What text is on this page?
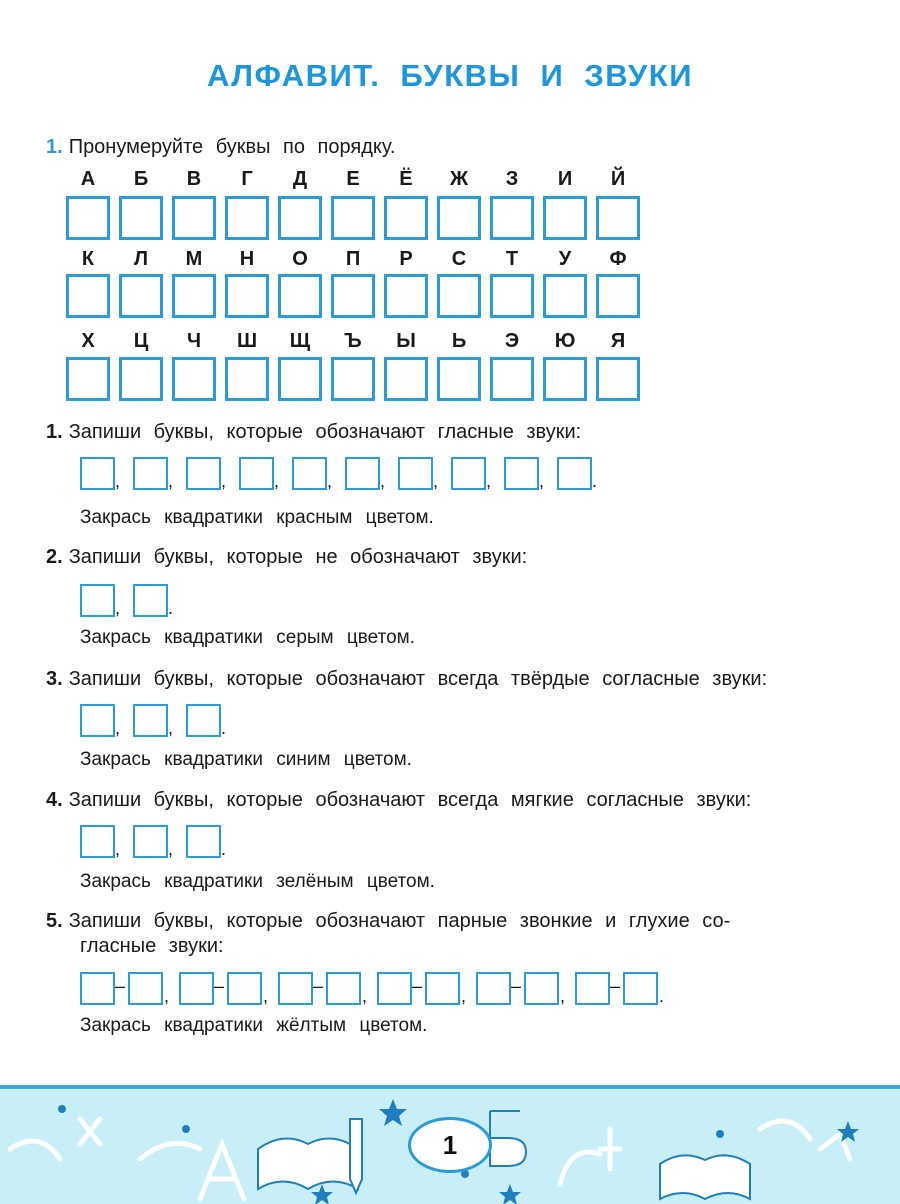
АЛФАВИТ. БУКВЫ И ЗВУКИ
1. Пронумеруйте буквы по порядку.
А	Б	В	Г	Д	Е	Ё	Ж	З	И	Й
К	Л	М	Н	О	П	Р	С	Т	У	Ф
Х	Ц	Ч	Ш	Щ	Ъ	Ы	Ь	Э	Ю	Я
1. Запиши буквы, которые обозначают гласные звуки:
,	,	,	,	,	,	,	,	,	.
Закрась квадратики красным цветом.
2. Запиши буквы, которые не обозначают звуки:
,	.
Закрась квадратики серым цветом.
3. Запиши буквы, которые обозначают всегда твёрдые согласные звуки:
,	,	.
Закрась квадратики синим цветом.
4. Запиши буквы, которые обозначают всегда мягкие согласные звуки:
,	,	.
Закрась квадратики зелёным цветом.
5. Запиши буквы, которые обозначают парные звонкие и глухие со-
гласные звуки:
– , – , – , – , – , – .
Закрась квадратики жёлтым цветом.
1
